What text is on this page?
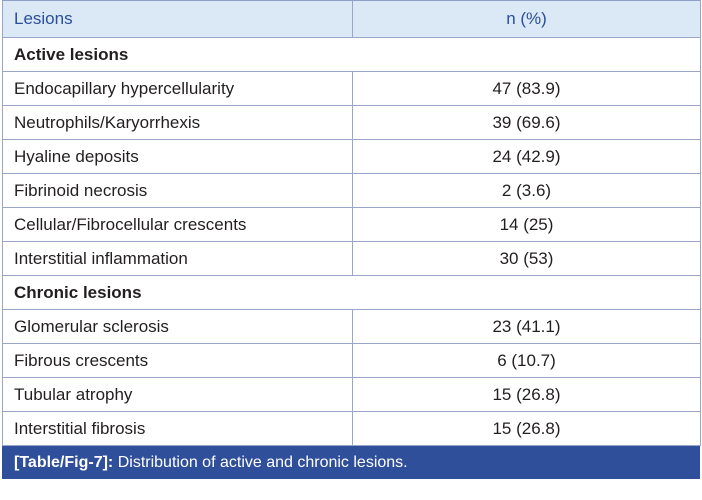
Lesions	n (%)
Active lesions	
Endocapillary hypercellularity	47 (83.9)
Neutrophils/Karyorrhexis	39 (69.6)
Hyaline deposits	24 (42.9)
Fibrinoid necrosis	2 (3.6)
Cellular/Fibrocellular crescents	14 (25)
Interstitial inflammation	30 (53)
Chronic lesions	
Glomerular sclerosis	23 (41.1)
Fibrous crescents	6 (10.7)
Tubular atrophy	15 (26.8)
Interstitial fibrosis	15 (26.8)
[Table/Fig-7]: Distribution of active and chronic lesions.
